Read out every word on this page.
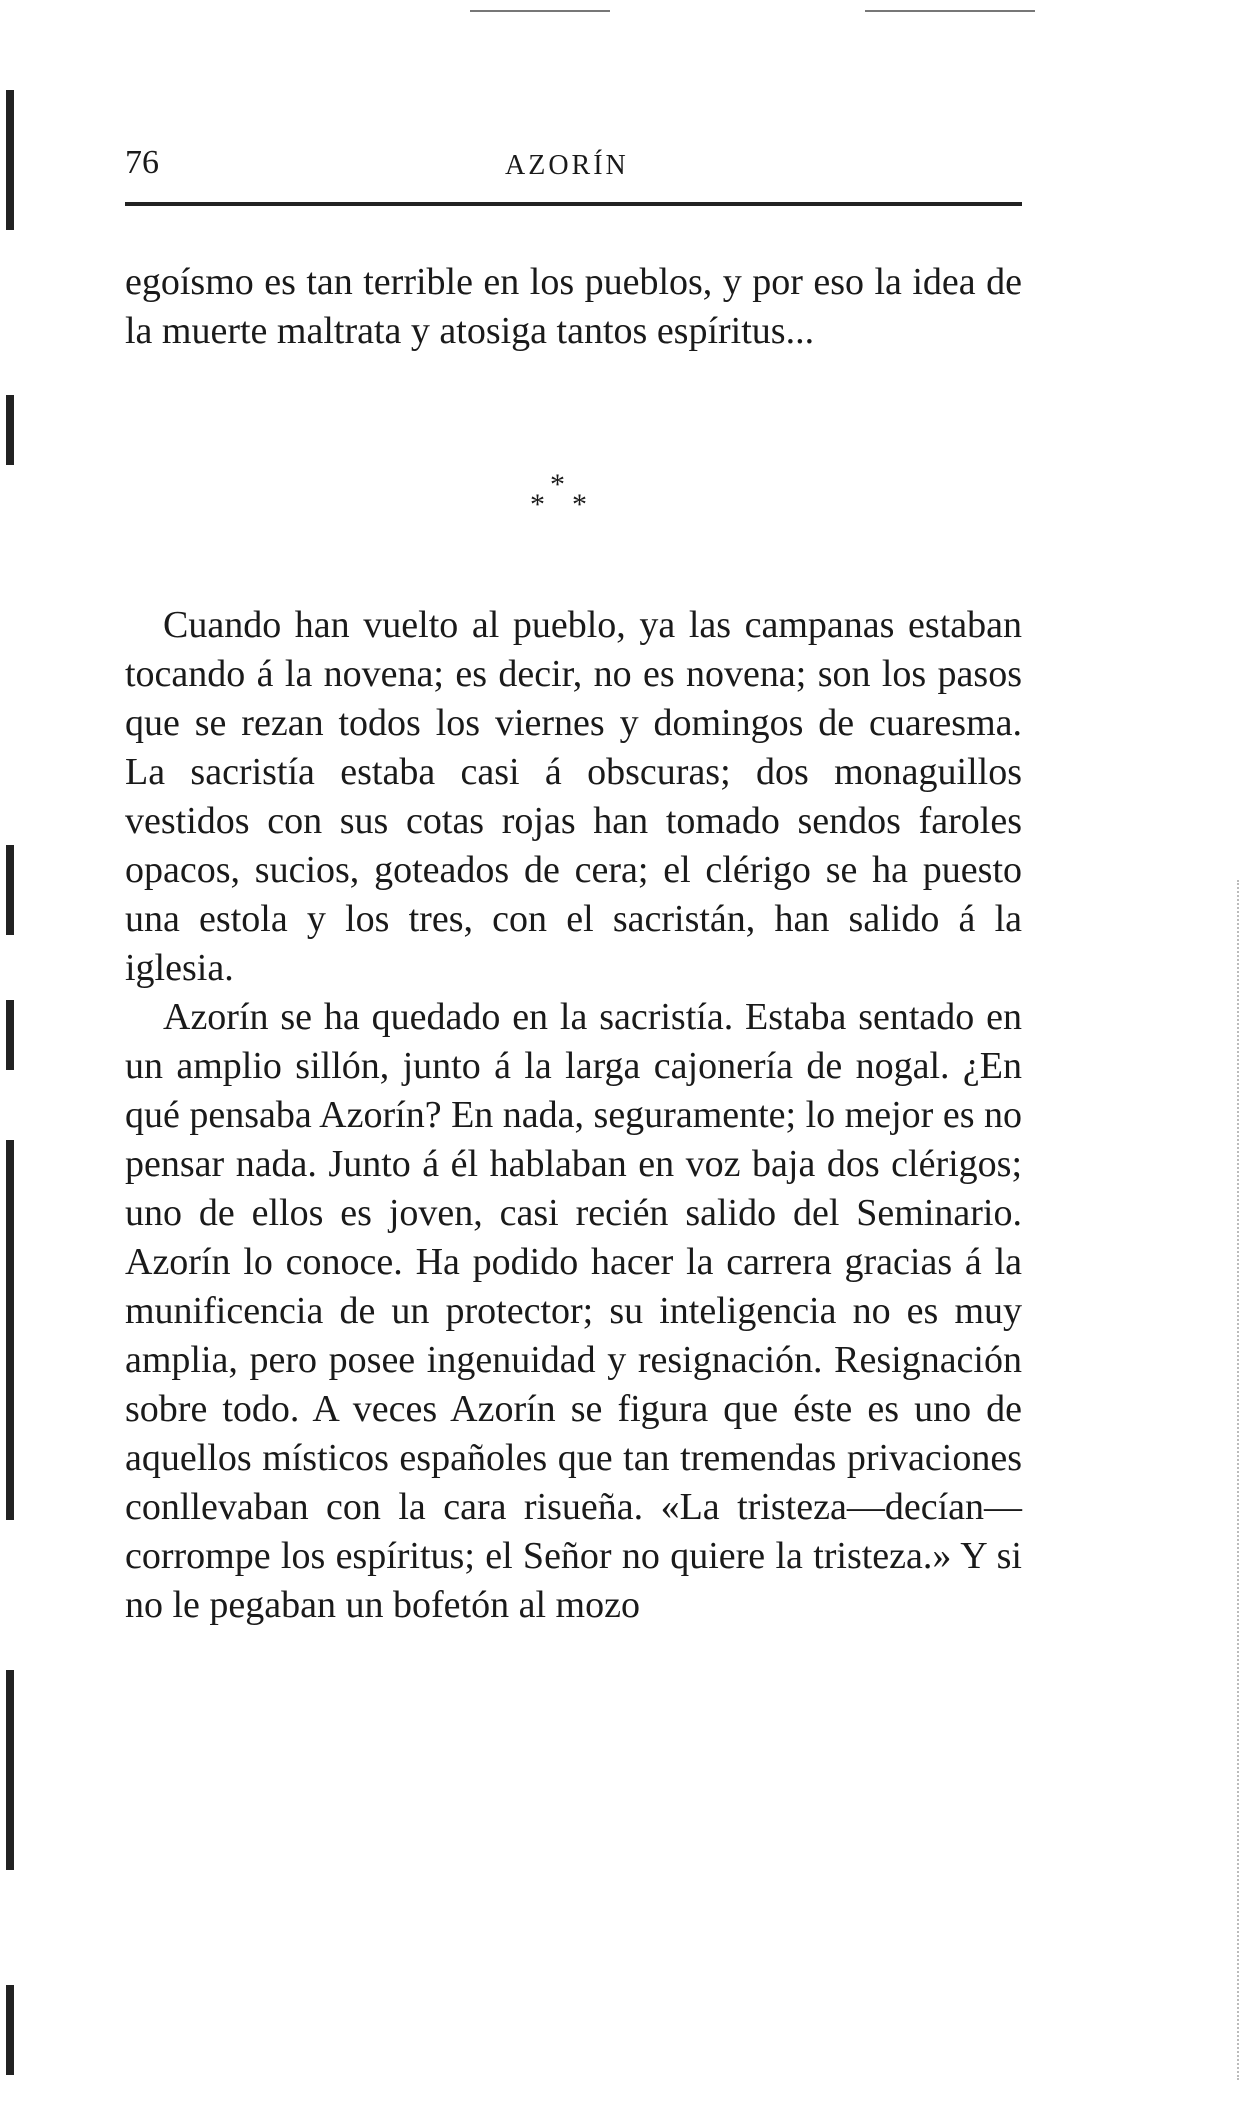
76	AZORÍN

egoísmo es tan terrible en los pueblos, y por eso la idea de la muerte maltrata y atosiga tantos espíritus...

*
* *

Cuando han vuelto al pueblo, ya las campanas estaban tocando á la novena; es decir, no es novena; son los pasos que se rezan todos los viernes y domingos de cuaresma. La sacristía estaba casi á obscuras; dos monaguillos vestidos con sus cotas rojas han tomado sendos faroles opacos, sucios, goteados de cera; el clérigo se ha puesto una estola y los tres, con el sacristán, han salido á la iglesia.

Azorín se ha quedado en la sacristía. Estaba sentado en un amplio sillón, junto á la larga cajonería de nogal. ¿En qué pensaba Azorín? En nada, seguramente; lo mejor es no pensar nada. Junto á él hablaban en voz baja dos clérigos; uno de ellos es joven, casi recién salido del Seminario. Azorín lo conoce. Ha podido hacer la carrera gracias á la munificencia de un protector; su inteligencia no es muy amplia, pero posee ingenuidad y resignación. Resignación sobre todo. A veces Azorín se figura que éste es uno de aquellos místicos españoles que tan tremendas privaciones conllevaban con la cara risueña. «La tristeza—decían—corrompe los espíritus; el Señor no quiere la tristeza.» Y si no le pegaban un bofetón al mozo
